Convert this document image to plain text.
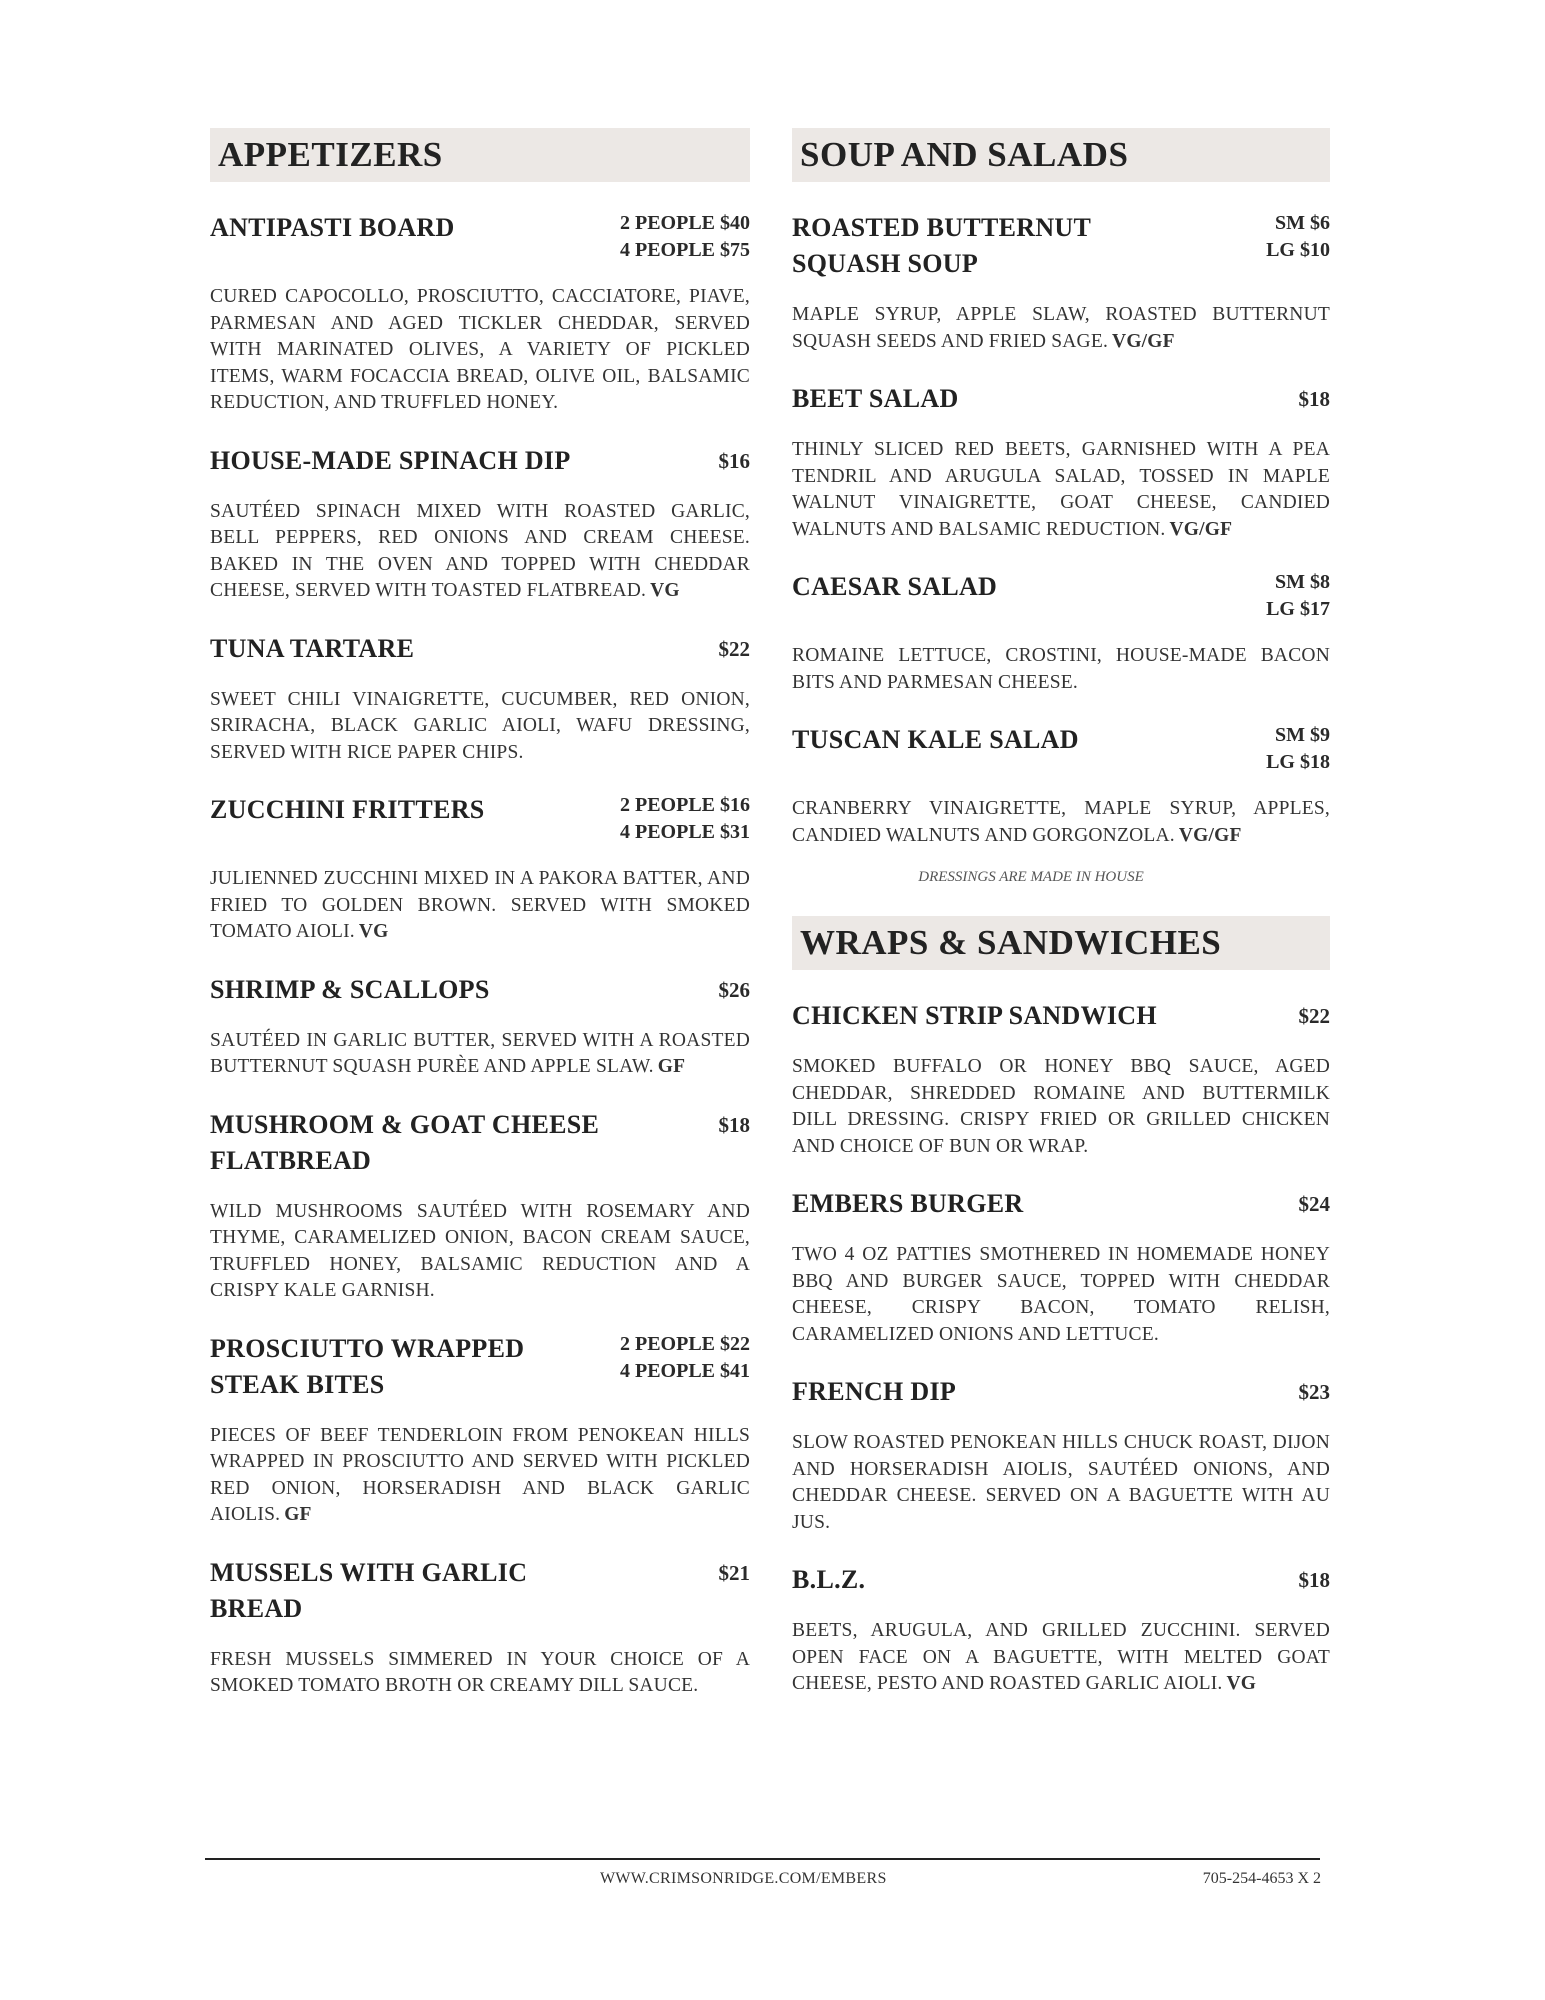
APPETIZERS
ANTIPASTI BOARD	2 PEOPLE $40
4 PEOPLE $75
CURED CAPOCOLLO, PROSCIUTTO, CACCIATORE, PIAVE, PARMESAN AND AGED TICKLER CHEDDAR, SERVED WITH MARINATED OLIVES, A VARIETY OF PICKLED ITEMS, WARM FOCACCIA BREAD, OLIVE OIL, BALSAMIC REDUCTION, AND TRUFFLED HONEY.
HOUSE-MADE SPINACH DIP	$16
SAUTÉED SPINACH MIXED WITH ROASTED GARLIC, BELL PEPPERS, RED ONIONS AND CREAM CHEESE. BAKED IN THE OVEN AND TOPPED WITH CHEDDAR CHEESE, SERVED WITH TOASTED FLATBREAD. VG
TUNA TARTARE	$22
SWEET CHILI VINAIGRETTE, CUCUMBER, RED ONION, SRIRACHA, BLACK GARLIC AIOLI, WAFU DRESSING, SERVED WITH RICE PAPER CHIPS.
ZUCCHINI FRITTERS	2 PEOPLE $16
4 PEOPLE $31
JULIENNED ZUCCHINI MIXED IN A PAKORA BATTER, AND FRIED TO GOLDEN BROWN. SERVED WITH SMOKED TOMATO AIOLI. VG
SHRIMP & SCALLOPS	$26
SAUTÉED IN GARLIC BUTTER, SERVED WITH A ROASTED BUTTERNUT SQUASH PURÈE AND APPLE SLAW. GF
MUSHROOM & GOAT CHEESE FLATBREAD
$18
WILD MUSHROOMS SAUTÉED WITH ROSEMARY AND THYME, CARAMELIZED ONION, BACON CREAM SAUCE, TRUFFLED HONEY, BALSAMIC REDUCTION AND A CRISPY KALE GARNISH.
PROSCIUTTO WRAPPED STEAK BITES
2 PEOPLE $22
4 PEOPLE $41
PIECES OF BEEF TENDERLOIN FROM PENOKEAN HILLS WRAPPED IN PROSCIUTTO AND SERVED WITH PICKLED RED ONION, HORSERADISH AND BLACK GARLIC AIOLIS. GF
MUSSELS WITH GARLIC BREAD
$21
FRESH MUSSELS SIMMERED IN YOUR CHOICE OF A SMOKED TOMATO BROTH OR CREAMY DILL SAUCE.
SOUP AND SALADS
ROASTED BUTTERNUT SQUASH SOUP
SM $6
LG $10
MAPLE SYRUP, APPLE SLAW, ROASTED BUTTERNUT SQUASH SEEDS AND FRIED SAGE. VG/GF
BEET SALAD	$18
THINLY SLICED RED BEETS, GARNISHED WITH A PEA TENDRIL AND ARUGULA SALAD, TOSSED IN MAPLE WALNUT VINAIGRETTE, GOAT CHEESE, CANDIED WALNUTS AND BALSAMIC REDUCTION. VG/GF
CAESAR SALAD	SM $8
LG $17
ROMAINE LETTUCE, CROSTINI, HOUSE-MADE BACON BITS AND PARMESAN CHEESE.
TUSCAN KALE SALAD	SM $9
LG $18
CRANBERRY VINAIGRETTE, MAPLE SYRUP, APPLES, CANDIED WALNUTS AND GORGONZOLA. VG/GF
DRESSINGS ARE MADE IN HOUSE
WRAPS & SANDWICHES
CHICKEN STRIP SANDWICH	$22
SMOKED BUFFALO OR HONEY BBQ SAUCE, AGED CHEDDAR, SHREDDED ROMAINE AND BUTTERMILK DILL DRESSING. CRISPY FRIED OR GRILLED CHICKEN AND CHOICE OF BUN OR WRAP.
EMBERS BURGER	$24
TWO 4 OZ PATTIES SMOTHERED IN HOMEMADE HONEY BBQ AND BURGER SAUCE, TOPPED WITH CHEDDAR CHEESE, CRISPY BACON, TOMATO RELISH, CARAMELIZED ONIONS AND LETTUCE.
FRENCH DIP	$23
SLOW ROASTED PENOKEAN HILLS CHUCK ROAST, DIJON AND HORSERADISH AIOLIS, SAUTÉED ONIONS, AND CHEDDAR CHEESE. SERVED ON A BAGUETTE WITH AU JUS.
B.L.Z.	$18
BEETS, ARUGULA, AND GRILLED ZUCCHINI. SERVED OPEN FACE ON A BAGUETTE, WITH MELTED GOAT CHEESE, PESTO AND ROASTED GARLIC AIOLI. VG
WWW.CRIMSONRIDGE.COM/EMBERS	705-254-4653 X 2
